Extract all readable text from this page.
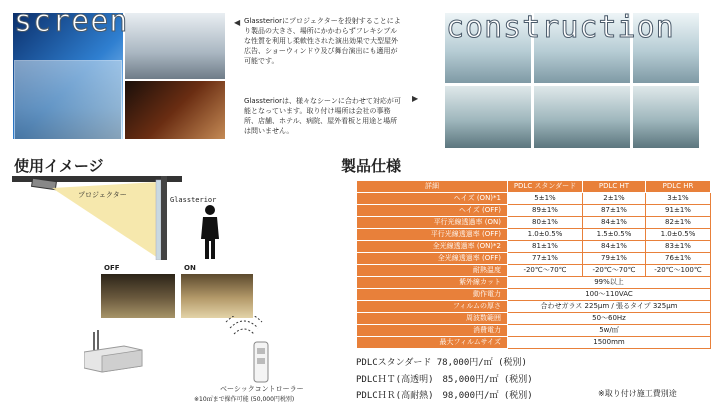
screen	◀ Glassteriorにプロジェクターを投射することにより製品の大きさ、場所にかかわらずフレキシブルな性質を利用し柔軟性された演出効果で大型屋外広告、ショーウィンドウ及び舞台演出にも適用が可能です。
Glassteriorは、様々なシーンに合わせて対応が可能となっています。取り付け場所は会社の事務所、店舗、ホテル、病院、屋外看板と用途と場所は問いません。
▶
construction
使用イメージ
プロジェクター
Glassterior
OFF	ON
ベーシックコントローラー
※10㎡まで操作可能 (50,000円税別)
製品仕様
詳細	PDLC スタンダード	PDLC HT	PDLC HR
ヘイズ (ON)*1	5±1%	2±1%	3±1%
ヘイズ (OFF)	89±1%	87±1%	91±1%
平行光線透過率 (ON)	80±1%	84±1%	82±1%
平行光線透過率 (OFF)	1.0±0.5%	1.5±0.5%	1.0±0.5%
全光線透過率 (ON)*2	81±1%	84±1%	83±1%
全光線透過率 (OFF)	77±1%	79±1%	76±1%
耐熱温度	-20℃〜70℃	-20℃〜70℃	-20℃〜100℃
紫外線カット	99%以上		
動作電力	100〜110VAC		
フィルムの厚さ	合わせガラス 225μm / 張るタイプ 325μm		
周波数範囲	50〜60Hz		
消費電力	5w/㎡		
最大フィルムサイズ	1500mm		
PDLCスタンダード 78,000円/㎡ (税別)
PDLCＨＴ(高透明)　85,000円/㎡ (税別)
PDLCＨＲ(高耐熱)　98,000円/㎡ (税別)	※取り付け施工費別途
